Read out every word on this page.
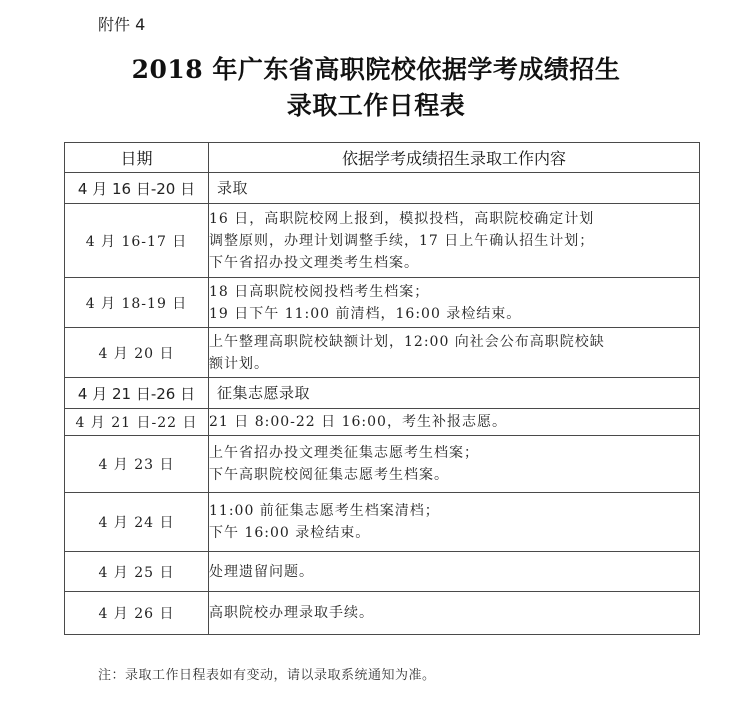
附件 4
2018 年广东省高职院校依据学考成绩招生
录取工作日程表
日期	依据学考成绩招生录取工作内容
4 月 16 日-20 日	录取

4 月 16-17 日	16 日，高职院校网上报到，模拟投档，高职院校确定计划
调整原则，办理计划调整手续，17 日上午确认招生计划；
下午省招办投文理类考生档案。

4 月 18-19 日	18 日高职院校阅投档考生档案；
19 日下午 11:00 前清档，16:00 录检结束。

4 月 20 日	上午整理高职院校缺额计划，12:00 向社会公布高职院校缺
额计划。

4 月 21 日-26 日	征集志愿录取

4 月 21 日-22 日	21 日 8:00-22 日 16:00，考生补报志愿。

4 月 23 日	上午省招办投文理类征集志愿考生档案；
下午高职院校阅征集志愿考生档案。

4 月 24 日	11:00 前征集志愿考生档案清档；
下午 16:00 录检结束。

4 月 25 日	处理遗留问题。

4 月 26 日	高职院校办理录取手续。
注：录取工作日程表如有变动，请以录取系统通知为准。
